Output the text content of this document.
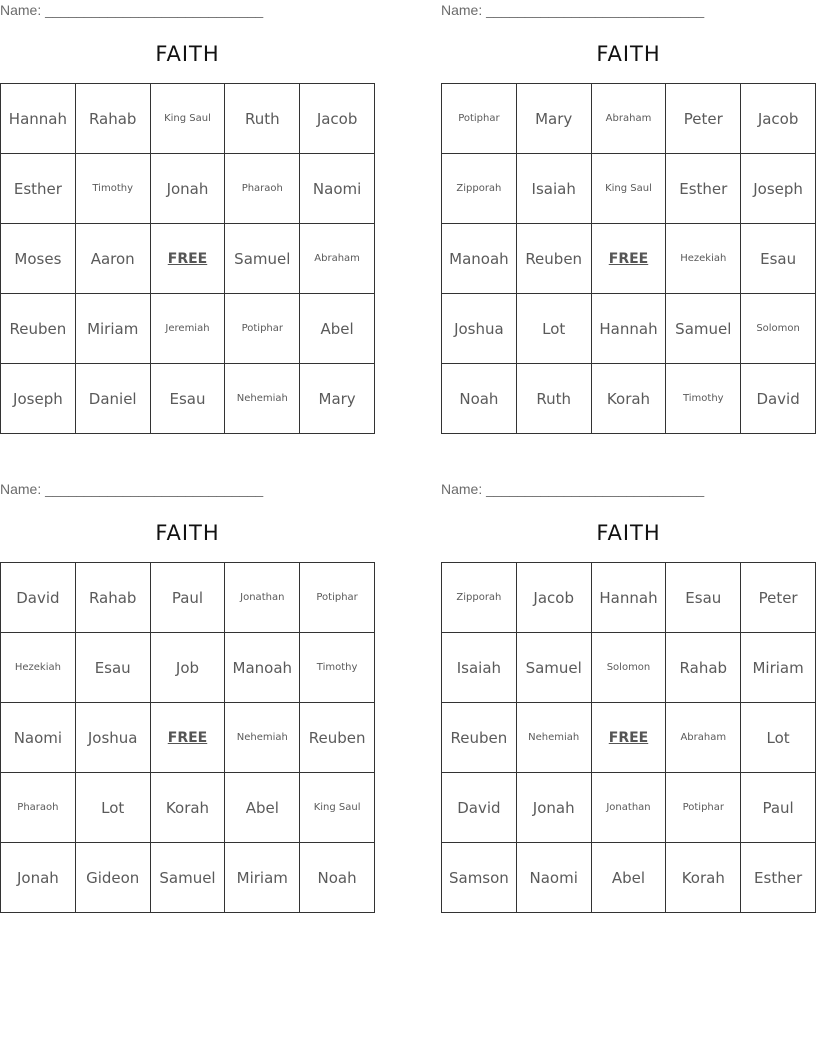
Name: ____________________________
FAITH
Hannah	Rahab	King Saul	Ruth	Jacob
Esther	Timothy	Jonah	Pharaoh	Naomi
Moses	Aaron	FREE	Samuel	Abraham
Reuben	Miriam	Jeremiah	Potiphar	Abel
Joseph	Daniel	Esau	Nehemiah	Mary
Name: ____________________________
FAITH
Potiphar	Mary	Abraham	Peter	Jacob
Zipporah	Isaiah	King Saul	Esther	Joseph
Manoah	Reuben	FREE	Hezekiah	Esau
Joshua	Lot	Hannah	Samuel	Solomon
Noah	Ruth	Korah	Timothy	David
Name: ____________________________
FAITH
David	Rahab	Paul	Jonathan	Potiphar
Hezekiah	Esau	Job	Manoah	Timothy
Naomi	Joshua	FREE	Nehemiah	Reuben
Pharaoh	Lot	Korah	Abel	King Saul
Jonah	Gideon	Samuel	Miriam	Noah
Name: ____________________________
FAITH
Zipporah	Jacob	Hannah	Esau	Peter
Isaiah	Samuel	Solomon	Rahab	Miriam
Reuben	Nehemiah	FREE	Abraham	Lot
David	Jonah	Jonathan	Potiphar	Paul
Samson	Naomi	Abel	Korah	Esther
